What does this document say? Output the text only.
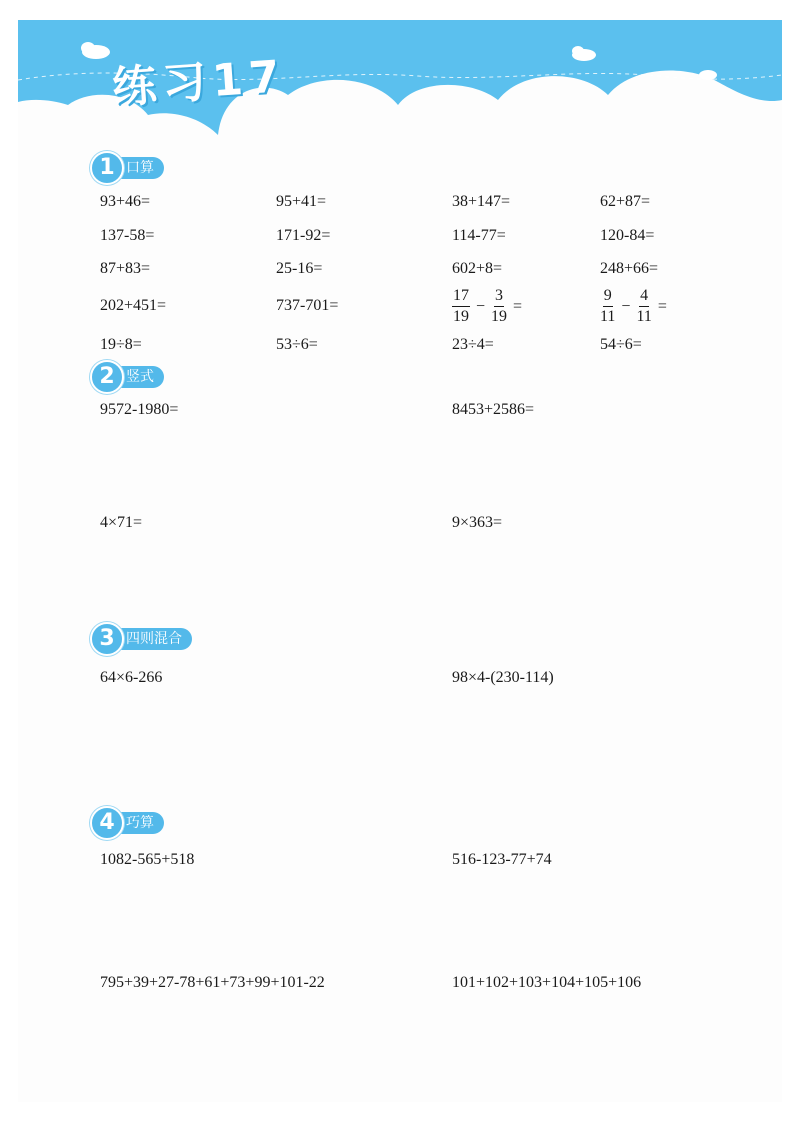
练习17
口算
1
93+46=	95+41=	38+147=	62+87=
137-58=	171-92=	114-77=	120-84=
87+83=	25-16=	602+8=	248+66=
202+451=	737-701=	$\frac{17}{19} - \frac{3}{19}$ =	$\frac{9}{11} - \frac{4}{11}$ =
19÷8=	53÷6=	23÷4=	54÷6=
竖式
2
9572-1980=	8453+2586=
4×71=	9×363=
四则混合
3
64×6-266	98×4-(230-114)
巧算
4
1082-565+518	516-123-77+74
795+39+27-78+61+73+99+101-22	101+102+103+104+105+106
